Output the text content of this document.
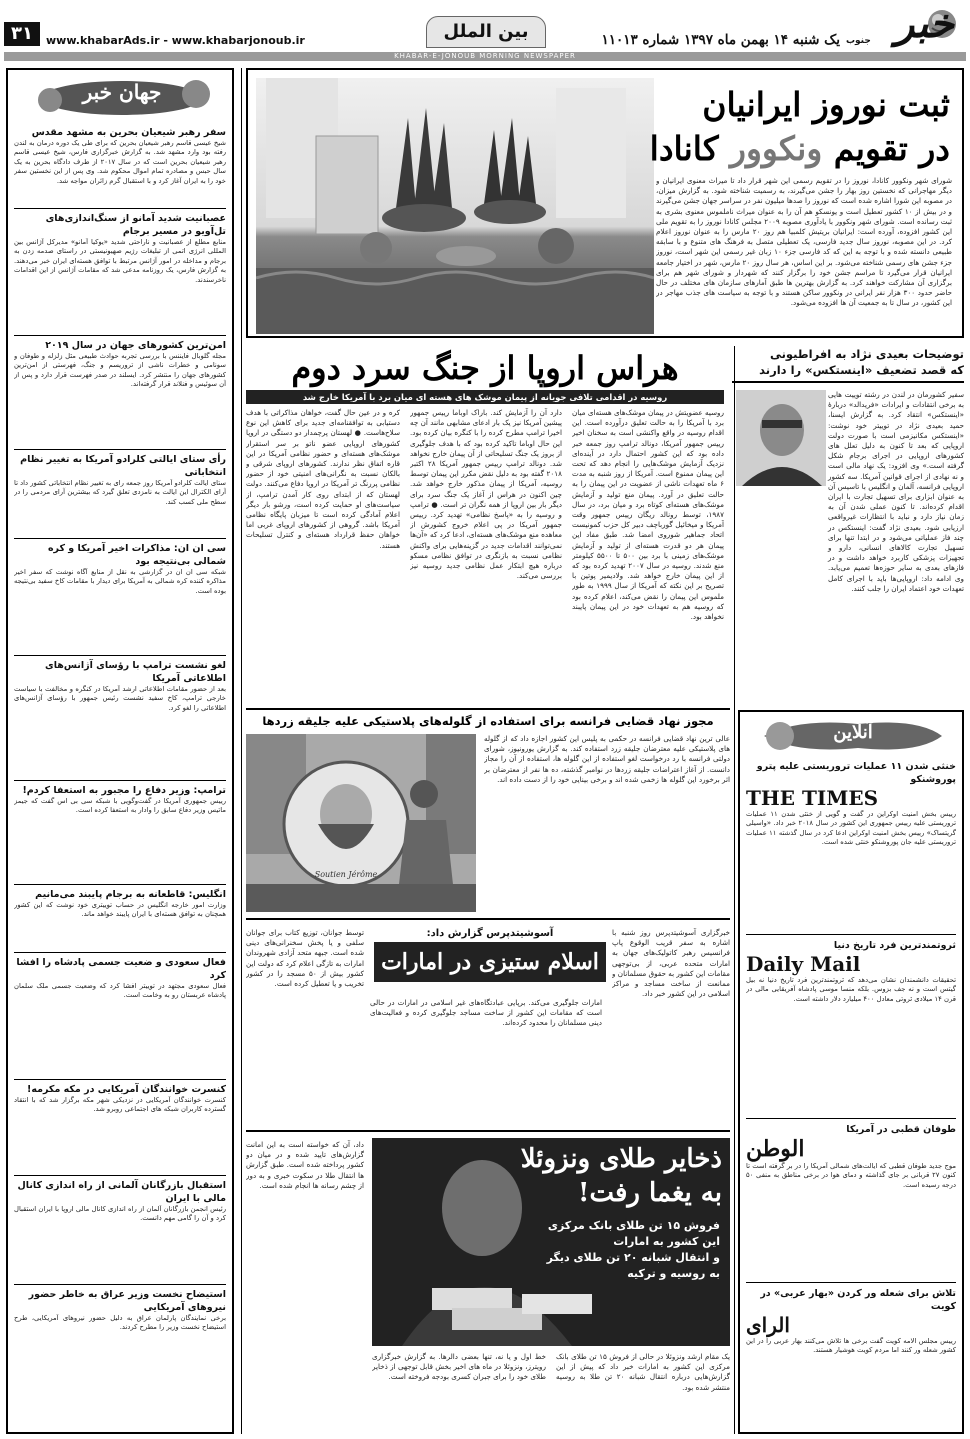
خبر
جنوب
یک شنبه ۱۴ بهمن ماه ۱۳۹۷ شماره ۱۱۰۱۳
بین الملل
www.khabarAds.ir - www.khabarjonoub.ir
۳۱
KHABAR-E-JONOUB MORNING NEWSPAPER
جهان خبر
سفر رهبر شیعیان بحرین به مشهد مقدس
شیخ عیسی قاسم رهبر شیعیان بحرین که برای طی یک دوره درمان به لندن رفته بود وارد مشهد شد. به گزارش خبرگزاری فارس، شیخ عیسی قاسم رهبر شیعیان بحرین است که در سال ۲۰۱۷ از طرف دادگاه بحرین به یک سال حبس و مصادره تمام اموال محکوم شد. وی پس از این نخستین سفر خود را به ایران آغاز کرد و با استقبال گرم زائران مواجه شد.
عصبانیت شدید آمانو از سنگ‌اندازی‌های تل‌آویو در مسیر برجام
منابع مطلع از عصبانیت و ناراحتی شدید «یوکیا آمانو» مدیرکل آژانس بین المللی انرژی اتمی از تبلیغات رژیم صهیونیستی در راستای صدمه زدن به برجام و مداخله در امور آژانس مرتبط با توافق هسته‌ای ایران خبر می‌دهند. به گزارش فارس، یک روزنامه مدعی شد که مقامات آژانس از این اقدامات ناخرسندند.
امن‌ترین کشورهای جهان در سال ۲۰۱۹
مجله گلوبال فایننس با بررسی تجربه حوادث طبیعی مثل زلزله و طوفان و سونامی و خطرات ناشی از تروریسم و جنگ، فهرستی از امن‌ترین کشورهای جهان را منتشر کرد. ایسلند در صدر فهرست قرار دارد و پس از آن سوئیس و فنلاند قرار گرفته‌اند.
رأی ستای ایالتی کلرادو آمریکا به تغییر نظام انتخاباتی
ستای ایالت کلرادو آمریکا روز جمعه رای به تغییر نظام انتخاباتی کشور داد تا آرای الکترال این ایالت به نامزدی تعلق گیرد که بیشترین آرای مردمی را در سطح ملی کسب کند.
سی ان ان: مذاکرات اخیر آمریکا و کره شمالی بی‌نتیجه بود
شبکه سی ان ان در گزارشی به نقل از منابع آگاه نوشت که سفر اخیر مذاکره کننده کره شمالی به آمریکا برای دیدار با مقامات کاخ سفید بی‌نتیجه بوده است.
لغو نشست ترامپ با رؤسای آژانس‌های اطلاعاتی آمریکا
بعد از حضور مقامات اطلاعاتی ارشد آمریکا در کنگره و مخالفت با سیاست خارجی ترامپ، کاخ سفید نشست رئیس جمهور با رؤسای آژانس‌های اطلاعاتی را لغو کرد.
ترامپ: وزیر دفاع را مجبور به استعفا کردم!
رییس جمهوری آمریکا در گفت‌وگویی با شبکه سی بی اس گفت که جیمز ماتیس وزیر دفاع سابق را وادار به استعفا کرده است.
انگلیس: قاطعانه به برجام پایبند می‌مانیم
وزارت امور خارجه انگلیس در حساب توییتری خود نوشت که این کشور همچنان به توافق هسته‌ای با ایران پایبند خواهد ماند.
فعال سعودی و ضعیت جسمی پادشاه را افشا کرد
فعال سعودی مجتهد در توییتر افشا کرد که وضعیت جسمی ملک سلمان پادشاه عربستان رو به وخامت است.
کنسرت خوانندگان آمریکایی در مکه مکرمه!
کنسرت خوانندگان آمریکایی در نزدیکی شهر مکه برگزار شد که با انتقاد گسترده کاربران شبکه های اجتماعی روبرو شد.
استقبال بازرگانان آلمانی از راه اندازی کانال مالی با ایران
رئیس انجمن بازرگانان آلمان از راه اندازی کانال مالی اروپا با ایران استقبال کرد و آن را گامی مهم دانست.
استیضاح نخست وزیر عراق به خاطر حضور نیروهای آمریکایی
برخی نمایندگان پارلمان عراق به دلیل حضور نیروهای آمریکایی، طرح استیضاح نخست وزیر را مطرح کردند.
ثبت نوروز ایرانیان
در تقویم ونکوور کانادا
شورای شهر ونکوور کانادا، نوروز را در تقویم رسمی این شهر قرار داد تا میراث معنوی ایرانیان و دیگر مهاجرانی که نخستین روز بهار را جشن می‌گیرند، به رسمیت شناخته شود. به گزارش میزان، در مصوبه این شورا اشاره شده است که نوروز را صدها میلیون نفر در سراسر جهان جشن می‌گیرند و در بیش از ۱۰ کشور تعطیل است و یونسکو هم آن را به عنوان میراث ناملموس معنوی بشری به ثبت رسانده است. شورای شهر ونکوور با یادآوری مصوبه ۲۰۰۹ مجلس کانادا نوروز را به تقویم ملی این کشور افزوده، آورده است: ایرانیان بریتیش کلمبیا هم روز ۲۰ مارس را به عنوان نوروز اعلام کرد. در این مصوبه، نوروز سال جدید فارسی، یک تعطیلی متصل به فرهنگ های متنوع و با سابقه طبیعی دانسته شده و با توجه به این که کد فارسی جزء ۱۰ زبان غیر رسمی این شهر است، نوروز جزء جشن های رسمی شناخته می‌شود. بر این اساس، هر سال روز ۲۰ مارس، شهر در اختیار جامعه ایرانیان قرار می‌گیرد تا مراسم جشن خود را برگزار کنند که شهردار و شورای شهر هم برای برگزاری آن مشارکت خواهند کرد. به گزارش بهترین ها طبق آمارهای سازمان های مختلف در حال حاضر حدود ۳۰۰ هزار نفر ایرانی در ونکوور ساکن هستند و با توجه به سیاست های جذب مهاجر در این کشور، در سال تا به جمعیت آن ها افزوده می‌شود.
توضیحات بعیدی نژاد به افراطیونی
که قصد تضعیف «اینستکس» را دارند
سفیر کشورمان در لندن در رشته توییت هایی به برخی انتقادات و ایرادات «فریدالد» دربارهٔ «اینستکس» انتقاد کرد. به گزارش ایسنا، حمید بعیدی نژاد در توییتر خود نوشت: «اینستکس مکانیزمی است با صورت دولت اروپایی که بعد تا کنون به دلیل تعلل های کشورهای اروپایی در اجرای برجام شکل گرفته است.» وی افزود: یک نهاد مالی است و نه نهادی از اجرای قوانین آمریکا. سه کشور اروپایی فرانسه، آلمان و انگلیس با تاسیس آن به عنوان ابزاری برای تسهیل تجارت با ایران اقدام کرده‌اند. تا کنون عملی شدن آن به زمان نیاز دارد و نباید با انتظارات غیرواقعی ارزیابی شود. بعیدی نژاد گفت: اینستکس در چند فاز عملیاتی می‌شود و در ابتدا تنها برای تسهیل تجارت کالاهای انسانی، دارو و تجهیزات پزشکی کاربرد خواهد داشت و در فازهای بعدی به سایر حوزه‌ها تعمیم می‌یابد. وی ادامه داد: اروپایی‌ها باید با اجرای کامل تعهدات خود اعتماد ایران را جلب کنند.
هراس اروپا از جنگ سرد دوم
روسیه در اقدامی تلافی جویانه از پیمان موشک های هسته ای میان برد با آمریکا خارج شد
روسیه عضویتش در پیمان موشک‌های هسته‌ای میان برد با آمریکا را به حالت تعلیق درآورده است. این اقدام روسیه در واقع واکنشی است به سخنان اخیر رییس جمهور آمریکا، دونالد ترامپ روز جمعه خبر داده بود که این کشور احتمال دارد در آینده‌ای نزدیک آزمایش موشک‌هایی را انجام دهد که تحت این پیمان ممنوع است. آمریکا از روز شنبه به مدت ۶ ماه تعهدات ناشی از عضویت در این پیمان را به حالت تعلیق در آورد. پیمان منع تولید و آزمایش موشک‌های هسته‌ای کوتاه برد و میان برد، در سال ۱۹۸۷، توسط رونالد ریگان رییس جمهور وقت آمریکا و میخائیل گورباچف دبیر کل حزب کمونیست اتحاد جماهیر شوروی امضا شد. طبق مفاد این پیمان هر دو قدرت هسته‌ای از تولید و آزمایش موشک‌های زمینی با برد بین ۵۰۰ تا ۵۵۰۰ کیلومتر منع شدند. روسیه در سال ۲۰۰۷ تهدید کرده بود که از این پیمان خارج خواهد شد. ولادیمیر پوتین با تصریح بر این نکته که آمریکا از سال ۱۹۹۹ به طور ملموس این پیمان را نقض می‌کند، اعلام کرده بود که روسیه هم به تعهدات خود در این پیمان پایبند نخواهد بود.
دارد آن را آزمایش کند. باراک اوباما رییس جمهور پیشین آمریکا نیز یک بار ادعای مشابهی مانند آن چه اخیرا ترامپ مطرح کرده را با کنگره بیان کرده بود. این حال اوباما تاکید کرده بود که با هدف جلوگیری از بروز یک جنگ تسلیحاتی از آن پیمان خارج نخواهد شد. دونالد ترامپ رییس جمهور آمریکا ۲۸ اکتبر ۲۰۱۸ گفته بود به دلیل نقض مکرر این پیمان توسط روسیه، آمریکا از پیمان مذکور خارج خواهد شد. چین اکنون در هراس از آغاز یک جنگ سرد برای دیگر بار بین اروپا از همه نگران تر است. ● ترامپ و روسیه را به «پاسخ نظامی» تهدید کرد. رییس جمهور آمریکا در پی اعلام خروج کشورش از معاهده منع موشک‌های هسته‌ای، ادعا کرد که «آن‌ها نمی‌توانند اقدامات جدید در گزینه‌هایی برای واکنش نظامی نسبت به بازنگری در توافق نظامی مسکو درباره هیچ ابتکار عمل نظامی جدید روسیه نیز بررسی می‌کند.
کره و در عین حال گفت، خواهان مذاکراتی با هدف دستیابی به توافقنامه‌ای جدید برای کاهش این نوع سلاح‌هاست. ● لهستان پرچمدار دو دستگی در اروپا کشورهای اروپایی عضو ناتو بر سر استقرار موشک‌های هسته‌ای و حضور نظامی آمریکا در این قاره اتفاق نظر ندارند. کشورهای اروپای شرقی و بالکان نسبت به نگرانی‌های امنیتی خود از حضور نظامی پررنگ تر آمریکا در اروپا دفاع می‌کنند. دولت لهستان که از ابتدای روی کار آمدن ترامپ، از سیاست‌های او حمایت کرده است، ورشو بار دیگر اعلام آمادگی کرده است تا میزبان پایگاه نظامی آمریکا باشد. گروهی از کشورهای اروپای غربی اما خواهان حفظ قرارداد هسته‌ای و کنترل تسلیحات هستند.
آنلاین
خنثی شدن ۱۱ عملیات تروریستی علیه پترو پوروشنکو
THE TIMES
رییس بخش امنیت اوکراین در گفت و گویی از خنثی شدن ۱۱ عملیات تروریستی علیه رییس جمهوری این کشور در سال ۲۰۱۸ خبر داد. «واسیلی گریتساک» رییس بخش امنیت اوکراین ادعا کرد در سال گذشته ۱۱ عملیات تروریستی علیه جان پوروشنکو خنثی شده است.
ثروتمندترین فرد تاریخ دنیا
Daily Mail
تحقیقات دانشمندان نشان می‌دهد که ثروتمندترین فرد تاریخ دنیا نه بیل گیتس است و نه جف بزوس. بلکه منسا موسی پادشاه آفریقایی مالی در قرن ۱۴ میلادی ثروتی معادل ۴۰۰ میلیارد دلار داشته است.
طوفان قطبی در آمریکا
الوطن
موج جدید طوفان قطبی که ایالت‌های شمالی آمریکا را در بر گرفته است تا کنون ۲۷ قربانی بر جای گذاشته و دمای هوا در برخی مناطق به منفی ۵۰ درجه رسیده است.
تلاش برای شعله ور کردن «بهار عربی» در کویت
الرای
رییس مجلس الامه کویت گفت برخی ها تلاش می‌کنند بهار عربی را در این کشور شعله ور کنند اما مردم کویت هوشیار هستند.
مجوز نهاد قضایی فرانسه برای استفاده از گلوله‌های پلاستیکی علیه جلیقه زردها
Soutien Jérôme
عالی ترین نهاد قضایی فرانسه در حکمی به پلیس این کشور اجازه داد که از گلوله های پلاستیکی علیه معترضان جلیقه زرد استفاده کند. به گزارش یورونیوز، شورای دولتی فرانسه با رد درخواست لغو استفاده از این گلوله ها، استفاده از آن را مجاز دانست. از آغاز اعتراضات جلیقه زردها در نوامبر گذشته، ده ها نفر از معترضان بر اثر برخورد این گلوله ها زخمی شده اند و برخی بینایی خود را از دست داده اند.
آسوشیتدپرس گزارش داد:
اسلام ستیزی در امارات
خبرگزاری آسوشیتدپرس روز شنبه با اشاره به سفر قریب الوقوع پاپ فرانسیس رهبر کاتولیک‌های جهان به امارات متحده عربی، از بی‌توجهی مقامات این کشور به حقوق مسلمانان و ممانعت از ساخت مساجد و مراکز اسلامی در این کشور خبر داد.
امارات جلوگیری می‌کند. برپایی عبادتگاه‌های غیر اسلامی در امارات در حالی است که مقامات این کشور از ساخت مساجد جلوگیری کرده و فعالیت‌های دینی مسلمانان را محدود کرده‌اند.
توسط جوانان، توزیع کتاب برای جوانان سلفی و یا پخش سخنرانی‌های دینی شده است. جبهه متحد آزادی شهروندان امارات به تازگی اعلام کرد که دولت این کشور بیش از ۵۰ مسجد را در کشور تخریب و یا تعطیل کرده است.
ذخایر طلای ونزوئلا
به یغما رفت!
فروش ۱۵ تن طلای بانک مرکزی
این کشور به امارات
و انتقال شبانه ۲۰ تن طلای دیگر
به روسیه و ترکیه
داد، آن که خواسته است به این امانت گزارش‌های تایید شده و در میان دو کشور پرداخته شده است. طبق گزارش ها انتقال طلا در سکوت خبری و به دور از چشم رسانه ها انجام شده است.
یک مقام ارشد ونزوئلا در حالی از فروش ۱۵ تن طلای بانک مرکزی این کشور به امارات خبر داد که پیش از این گزارش‌هایی درباره انتقال شبانه ۲۰ تن طلا به روسیه منتشر شده بود.
خط اول و یا نه، تنها بعضی دالرها. به گزارش خبرگزاری رویترز، ونزوئلا در ماه های اخیر بخش قابل توجهی از ذخایر طلای خود را برای جبران کسری بودجه فروخته است.
